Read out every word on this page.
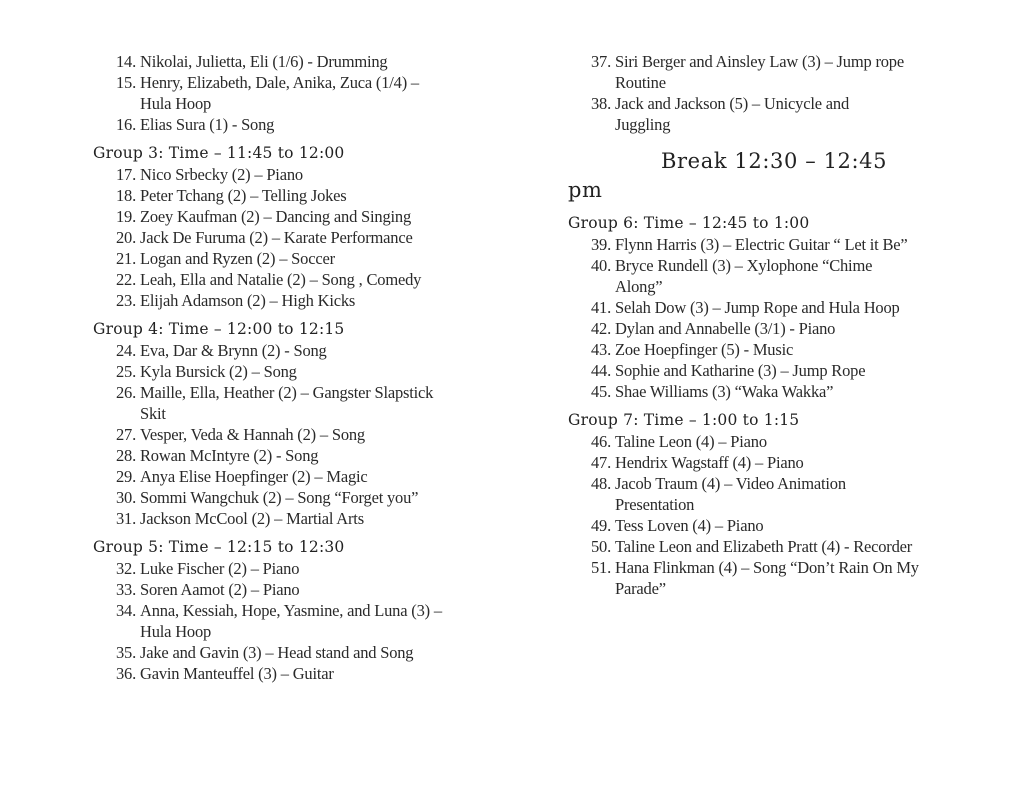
14. Nikolai, Julietta, Eli (1/6) - Drumming
15. Henry, Elizabeth, Dale, Anika, Zuca (1/4) – Hula Hoop
16. Elias Sura (1) - Song
Group 3: Time – 11:45 to 12:00
17. Nico Srbecky (2) – Piano
18. Peter Tchang (2) – Telling Jokes
19. Zoey Kaufman (2) – Dancing and Singing
20. Jack De Furuma (2) – Karate Performance
21. Logan and Ryzen (2) – Soccer
22. Leah, Ella and Natalie (2) – Song , Comedy
23. Elijah Adamson (2) – High Kicks
Group 4: Time – 12:00 to 12:15
24. Eva, Dar & Brynn (2) - Song
25. Kyla Bursick (2) – Song
26. Maille, Ella, Heather (2) – Gangster Slapstick Skit
27. Vesper, Veda & Hannah (2) – Song
28. Rowan McIntyre (2) - Song
29. Anya Elise Hoepfinger (2) – Magic
30. Sommi Wangchuk (2) – Song “Forget you”
31. Jackson McCool (2) – Martial Arts
Group 5: Time – 12:15 to 12:30
32. Luke Fischer (2) – Piano
33. Soren Aamot (2) – Piano
34. Anna, Kessiah, Hope, Yasmine, and Luna (3) – Hula Hoop
35. Jake and Gavin (3) – Head stand and Song
36. Gavin Manteuffel (3) – Guitar
37. Siri Berger and Ainsley Law (3) – Jump rope Routine
38. Jack and Jackson (5) – Unicycle and Juggling
Break 12:30 – 12:45
pm
Group 6: Time – 12:45 to 1:00
39. Flynn Harris (3) – Electric Guitar “ Let it Be”
40. Bryce Rundell (3) – Xylophone “Chime Along”
41. Selah Dow (3) – Jump Rope and Hula Hoop
42. Dylan and Annabelle (3/1) - Piano
43. Zoe Hoepfinger (5) - Music
44. Sophie and Katharine (3) – Jump Rope
45. Shae Williams (3) “Waka Wakka”
Group 7: Time – 1:00 to 1:15
46. Taline Leon (4) – Piano
47. Hendrix Wagstaff (4) – Piano
48. Jacob Traum (4) – Video Animation Presentation
49. Tess Loven (4) – Piano
50. Taline Leon and Elizabeth Pratt (4) - Recorder
51. Hana Flinkman (4) – Song “Don’t Rain On My Parade”
